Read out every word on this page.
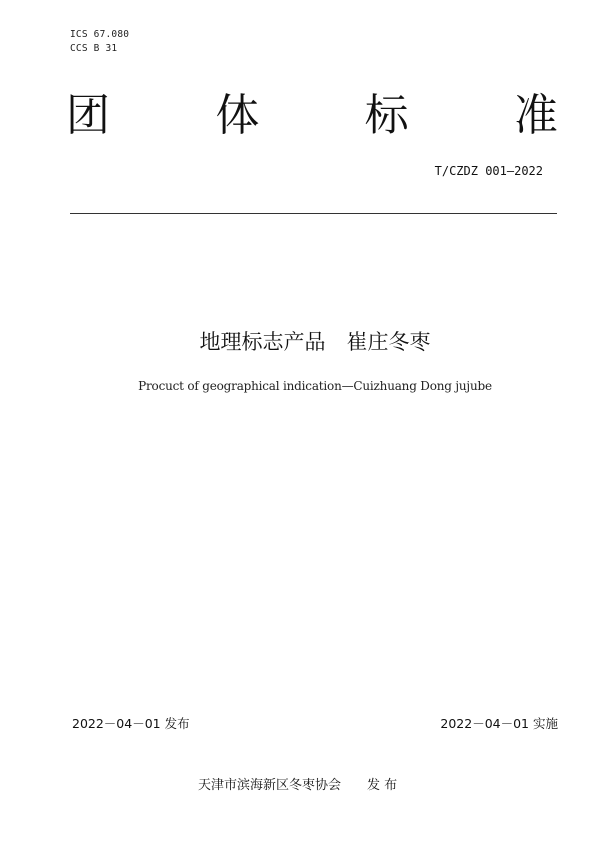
ICS 67.080
CCS B 31
团 体 标 准
T/CZDZ 001—2022
地理标志产品　崔庄冬枣
Procuct of geographical indication—Cuizhuang Dong jujube
2022－04－01 发布	2022－04－01 实施
天津市滨海新区冬枣协会　　发 布
